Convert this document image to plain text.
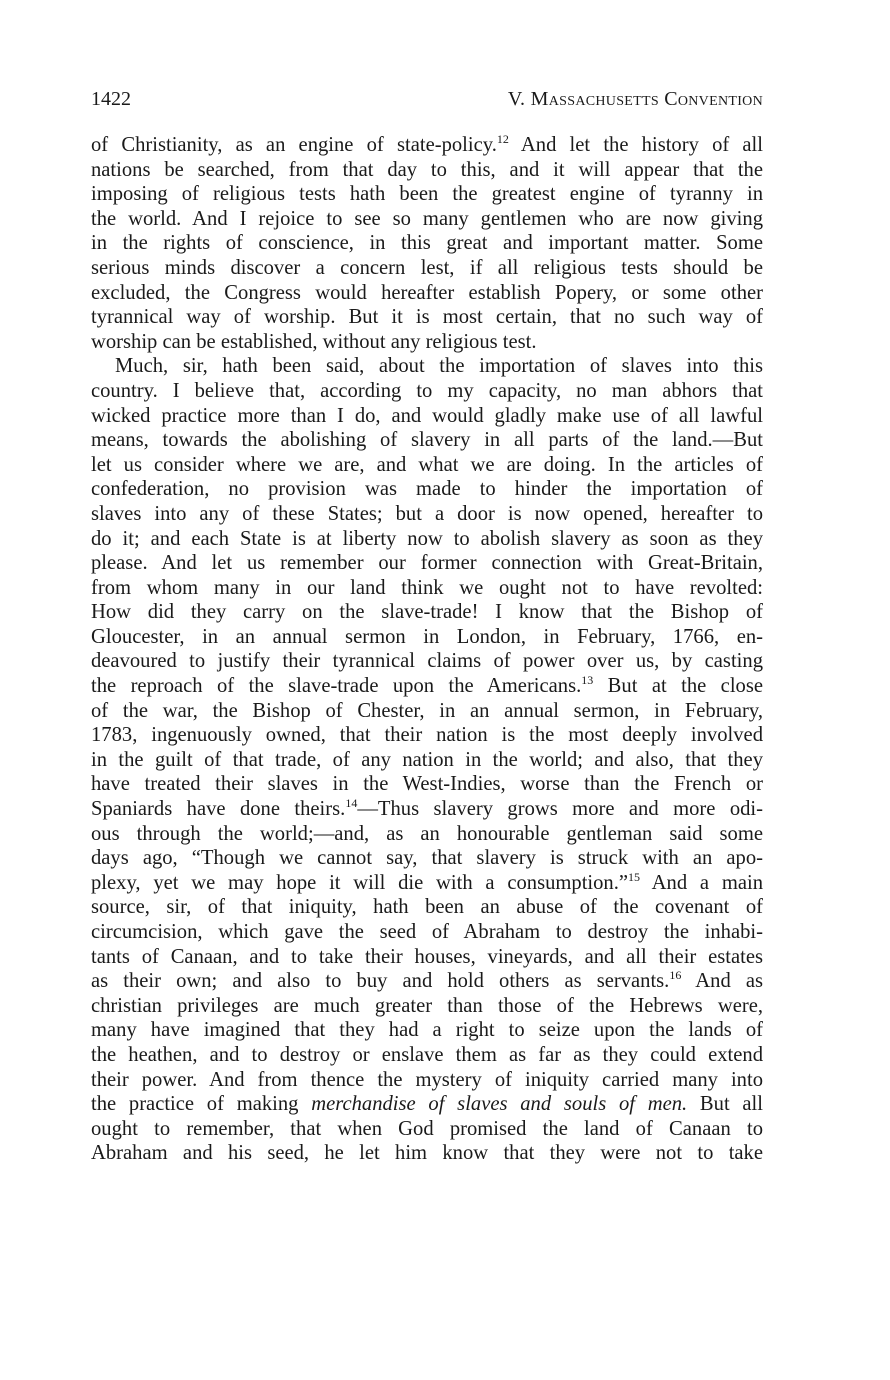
1422	V. Massachusetts Convention
of Christianity, as an engine of state-policy.$^{12}$ And let the history of all
nations be searched, from that day to this, and it will appear that the
imposing of religious tests hath been the greatest engine of tyranny in
the world. And I rejoice to see so many gentlemen who are now giving
in the rights of conscience, in this great and important matter. Some
serious minds discover a concern lest, if all religious tests should be
excluded, the Congress would hereafter establish Popery, or some other
tyrannical way of worship. But it is most certain, that no such way of
worship can be established, without any religious test.
Much, sir, hath been said, about the importation of slaves into this
country. I believe that, according to my capacity, no man abhors that
wicked practice more than I do, and would gladly make use of all lawful
means, towards the abolishing of slavery in all parts of the land.—But
let us consider where we are, and what we are doing. In the articles of
confederation, no provision was made to hinder the importation of
slaves into any of these States; but a door is now opened, hereafter to
do it; and each State is at liberty now to abolish slavery as soon as they
please. And let us remember our former connection with Great-Britain,
from whom many in our land think we ought not to have revolted:
How did they carry on the slave-trade! I know that the Bishop of
Gloucester, in an annual sermon in London, in February, 1766, en-
deavoured to justify their tyrannical claims of power over us, by casting
the reproach of the slave-trade upon the Americans.$^{13}$ But at the close
of the war, the Bishop of Chester, in an annual sermon, in February,
1783, ingenuously owned, that their nation is the most deeply involved
in the guilt of that trade, of any nation in the world; and also, that they
have treated their slaves in the West-Indies, worse than the French or
Spaniards have done theirs.$^{14}$—Thus slavery grows more and more odi-
ous through the world;—and, as an honourable gentleman said some
days ago, “Though we cannot say, that slavery is struck with an apo-
plexy, yet we may hope it will die with a consumption.”$^{15}$ And a main
source, sir, of that iniquity, hath been an abuse of the covenant of
circumcision, which gave the seed of Abraham to destroy the inhabi-
tants of Canaan, and to take their houses, vineyards, and all their estates
as their own; and also to buy and hold others as servants.$^{16}$ And as
christian privileges are much greater than those of the Hebrews were,
many have imagined that they had a right to seize upon the lands of
the heathen, and to destroy or enslave them as far as they could extend
their power. And from thence the mystery of iniquity carried many into
the practice of making merchandise of slaves and souls of men. But all
ought to remember, that when God promised the land of Canaan to
Abraham and his seed, he let him know that they were not to take
